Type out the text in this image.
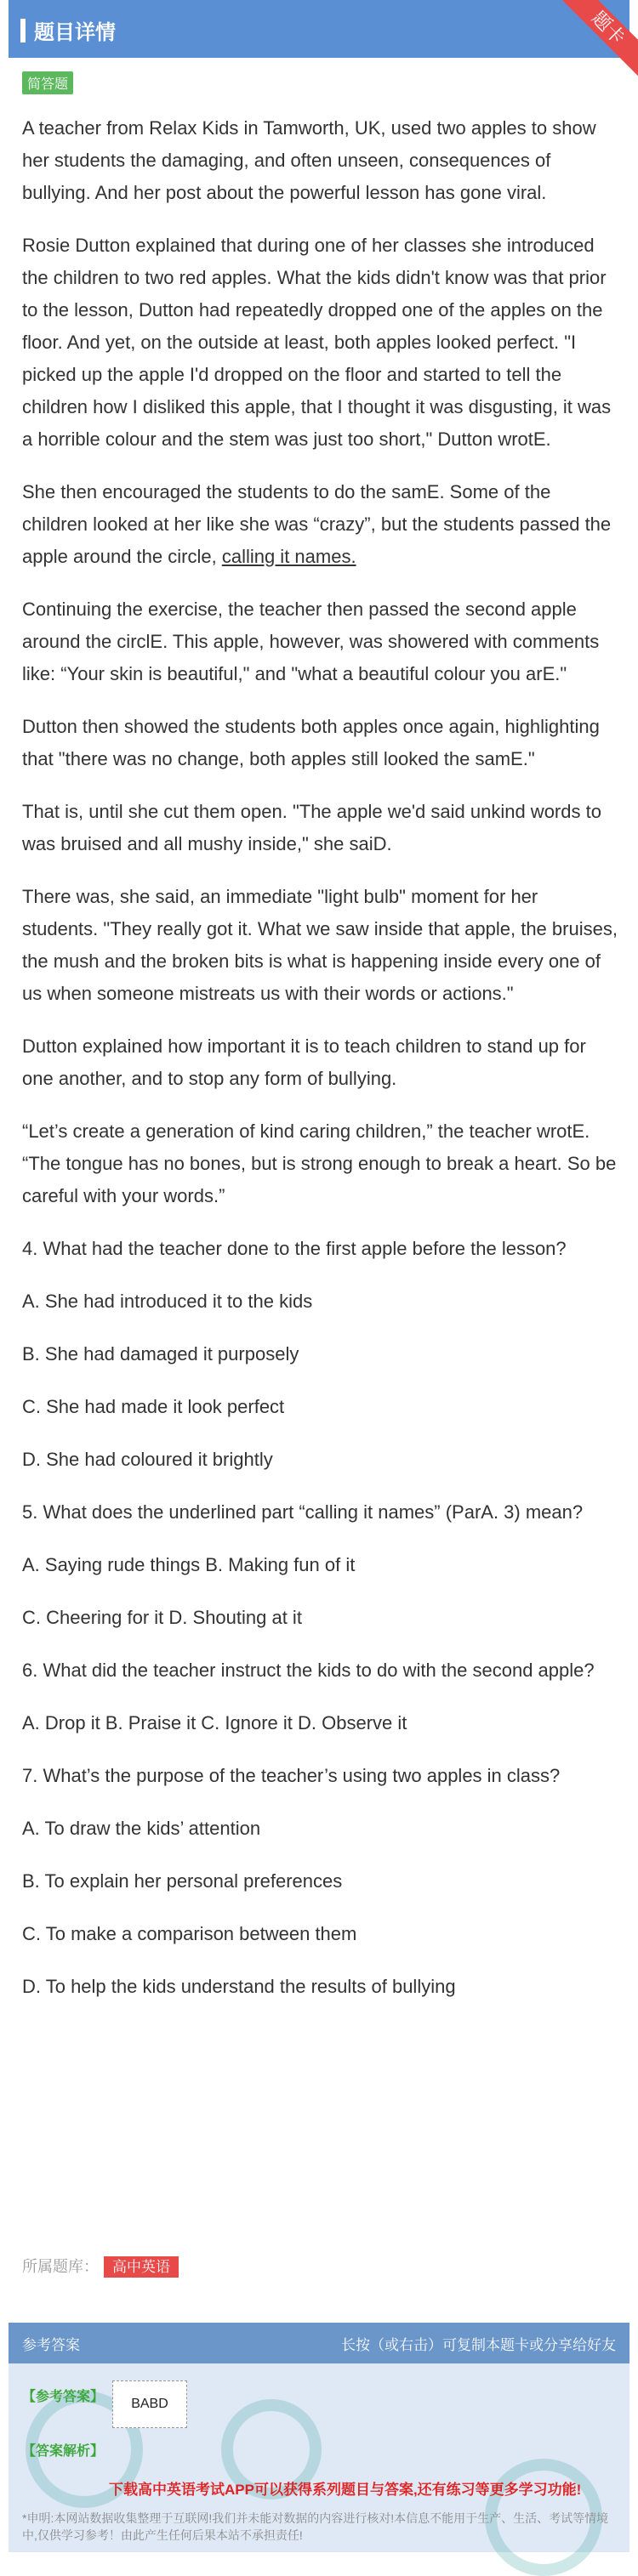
题目详情	题卡
简答题

A teacher from Relax Kids in Tamworth, UK, used two apples to show her students the damaging, and often unseen, consequences of bullying. And her post about the powerful lesson has gone viral.

Rosie Dutton explained that during one of her classes she introduced the children to two red apples. What the kids didn't know was that prior to the lesson, Dutton had repeatedly dropped one of the apples on the floor. And yet, on the outside at least, both apples looked perfect. "I picked up the apple I'd dropped on the floor and started to tell the children how I disliked this apple, that I thought it was disgusting, it was a horrible colour and the stem was just too short," Dutton wrotE.

She then encouraged the students to do the samE. Some of the children looked at her like she was “crazy”, but the students passed the apple around the circle, calling it names.

Continuing the exercise, the teacher then passed the second apple around the circlE. This apple, however, was showered with comments like: “Your skin is beautiful," and "what a beautiful colour you arE."

Dutton then showed the students both apples once again, highlighting that "there was no change, both apples still looked the samE."

That is, until she cut them open. "The apple we'd said unkind words to was bruised and all mushy inside," she saiD.

There was, she said, an immediate "light bulb" moment for her students. "They really got it. What we saw inside that apple, the bruises, the mush and the broken bits is what is happening inside every one of us when someone mistreats us with their words or actions."

Dutton explained how important it is to teach children to stand up for one another, and to stop any form of bullying.

“Let’s create a generation of kind caring children,” the teacher wrotE. “The tongue has no bones, but is strong enough to break a heart. So be careful with your words.”

4. What had the teacher done to the first apple before the lesson?
A. She had introduced it to the kids
B. She had damaged it purposely
C. She had made it look perfect
D. She had coloured it brightly
5. What does the underlined part “calling it names” (ParA. 3) mean?
A. Saying rude things B. Making fun of it
C. Cheering for it D. Shouting at it
6. What did the teacher instruct the kids to do with the second apple?
A. Drop it B. Praise it C. Ignore it D. Observe it
7. What’s the purpose of the teacher’s using two apples in class?
A. To draw the kids’ attention
B. To explain her personal preferences
C. To make a comparison between them
D. To help the kids understand the results of bullying
所属题库： 高中英语
参考答案	长按（或右击）可复制本题卡或分享给好友
【参考答案】	BABD
【答案解析】
下载高中英语考试APP可以获得系列题目与答案,还有练习等更多学习功能!
*申明:本网站数据收集整理于互联网!我们并未能对数据的内容进行核对!本信息不能用于生产、生活、考试等情境中,仅供学习参考！由此产生任何后果本站不承担责任!
